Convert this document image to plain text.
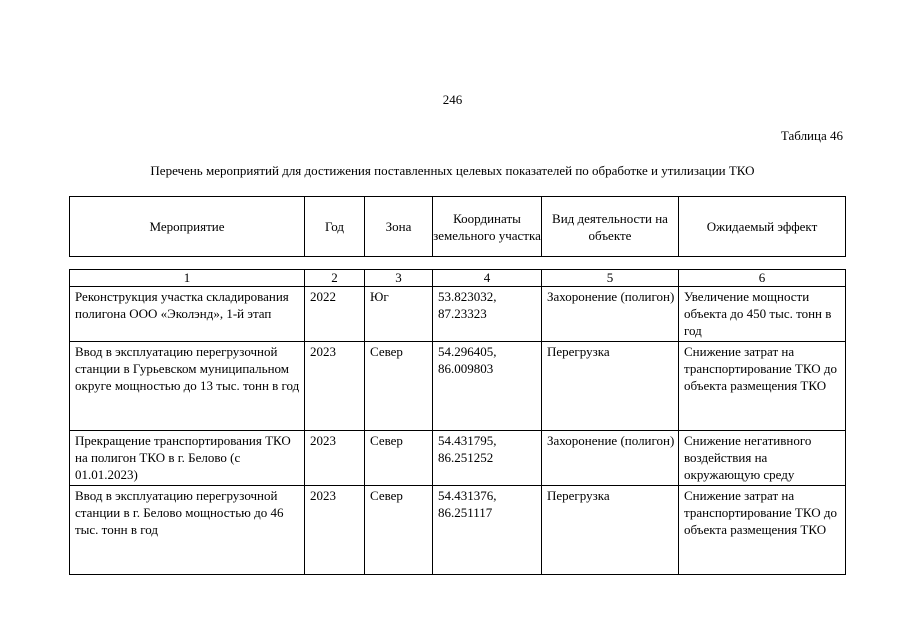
246
Таблица 46
Перечень мероприятий для достижения поставленных целевых показателей по обработке и утилизации ТКО
Мероприятие	Год	Зона	Координаты земельного участка	Вид деятельности на объекте	Ожидаемый эффект
1	2	3	4	5	6
Реконструкция участка складирования полигона ООО «Эколэнд», 1-й этап	2022	Юг	53.823032, 87.23323	Захоронение (полигон)	Увеличение мощности объекта до 450 тыс. тонн в год
Ввод в эксплуатацию перегрузочной станции в Гурьевском муниципальном округе мощностью до 13 тыс. тонн в год	2023	Север	54.296405, 86.009803	Перегрузка	Снижение затрат на транспортирование ТКО до объекта размещения ТКО
Прекращение транспортирования ТКО на полигон ТКО в г. Белово (с 01.01.2023)	2023	Север	54.431795, 86.251252	Захоронение (полигон)	Снижение негативного воздействия на окружающую среду
Ввод в эксплуатацию перегрузочной станции в г. Белово мощностью до 46 тыс. тонн в год	2023	Север	54.431376, 86.251117	Перегрузка	Снижение затрат на транспортирование ТКО до объекта размещения ТКО
